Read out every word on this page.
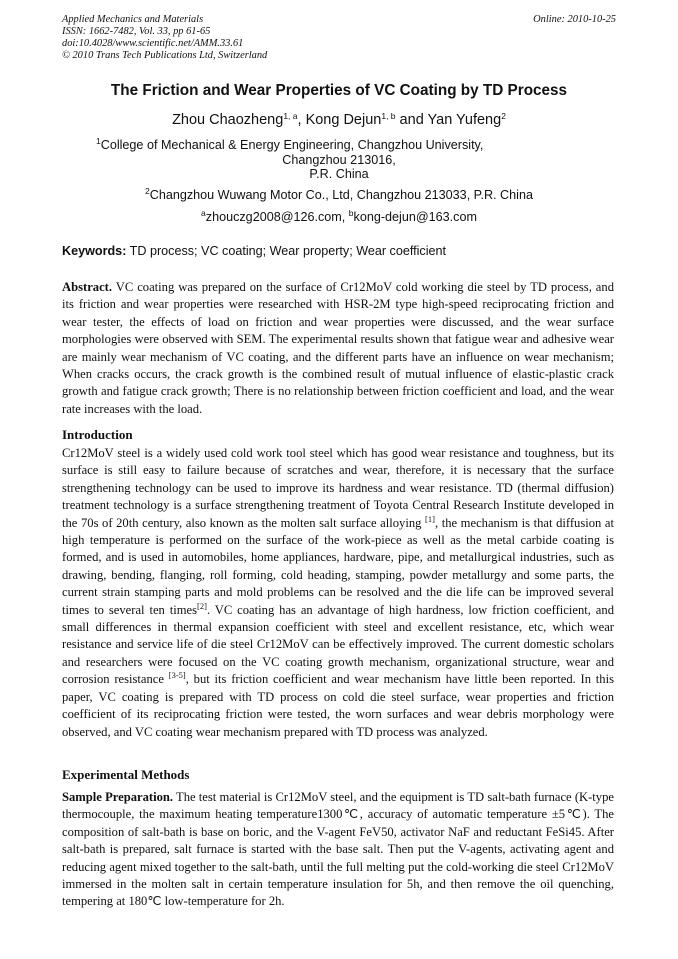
Applied Mechanics and Materials
ISSN: 1662-7482, Vol. 33, pp 61-65
doi:10.4028/www.scientific.net/AMM.33.61
© 2010 Trans Tech Publications Ltd, Switzerland
Online: 2010-10-25
The Friction and Wear Properties of VC Coating by TD Process
Zhou Chaozheng$^{1, a}$, Kong Dejun$^{1, b}$ and Yan Yufeng$^2$
$^1$College of Mechanical & Energy Engineering, Changzhou University,
Changzhou 213016,
P.R. China
$^2$Changzhou Wuwang Motor Co., Ltd, Changzhou 213033, P.R. China
$^a$zhouczg2008@126.com, $^b$kong-dejun@163.com
Keywords: TD process; VC coating; Wear property; Wear coefficient
Abstract. VC coating was prepared on the surface of Cr12MoV cold working die steel by TD process, and its friction and wear properties were researched with HSR-2M type high-speed reciprocating friction and wear tester, the effects of load on friction and wear properties were discussed, and the wear surface morphologies were observed with SEM. The experimental results shown that fatigue wear and adhesive wear are mainly wear mechanism of VC coating, and the different parts have an influence on wear mechanism; When cracks occurs, the crack growth is the combined result of mutual influence of elastic-plastic crack growth and fatigue crack growth; There is no relationship between friction coefficient and load, and the wear rate increases with the load.
Introduction
Cr12MoV steel is a widely used cold work tool steel which has good wear resistance and toughness, but its surface is still easy to failure because of scratches and wear, therefore, it is necessary that the surface strengthening technology can be used to improve its hardness and wear resistance. TD (thermal diffusion) treatment technology is a surface strengthening treatment of Toyota Central Research Institute developed in the 70s of 20th century, also known as the molten salt surface alloying [1], the mechanism is that diffusion at high temperature is performed on the surface of the work-piece as well as the metal carbide coating is formed, and is used in automobiles, home appliances, hardware, pipe, and metallurgical industries, such as drawing, bending, flanging, roll forming, cold heading, stamping, powder metallurgy and some parts, the current strain stamping parts and mold problems can be resolved and the die life can be improved several times to several ten times[2]. VC coating has an advantage of high hardness, low friction coefficient, and small differences in thermal expansion coefficient with steel and excellent resistance, etc, which wear resistance and service life of die steel Cr12MoV can be effectively improved. The current domestic scholars and researchers were focused on the VC coating growth mechanism, organizational structure, wear and corrosion resistance [3-5], but its friction coefficient and wear mechanism have little been reported. In this paper, VC coating is prepared with TD process on cold die steel surface, wear properties and friction coefficient of its reciprocating friction were tested, the worn surfaces and wear debris morphology were observed, and VC coating wear mechanism prepared with TD process was analyzed.
Experimental Methods
Sample Preparation. The test material is Cr12MoV steel, and the equipment is TD salt-bath furnace (K-type thermocouple, the maximum heating temperature1300℃, accuracy of automatic temperature ±5℃). The composition of salt-bath is base on boric, and the V-agent FeV50, activator NaF and reductant FeSi45. After salt-bath is prepared, salt furnace is started with the base salt. Then put the V-agents, activating agent and reducing agent mixed together to the salt-bath, until the full melting put the cold-working die steel Cr12MoV immersed in the molten salt in certain temperature insulation for 5h, and then remove the oil quenching, tempering at 180℃ low-temperature for 2h.
